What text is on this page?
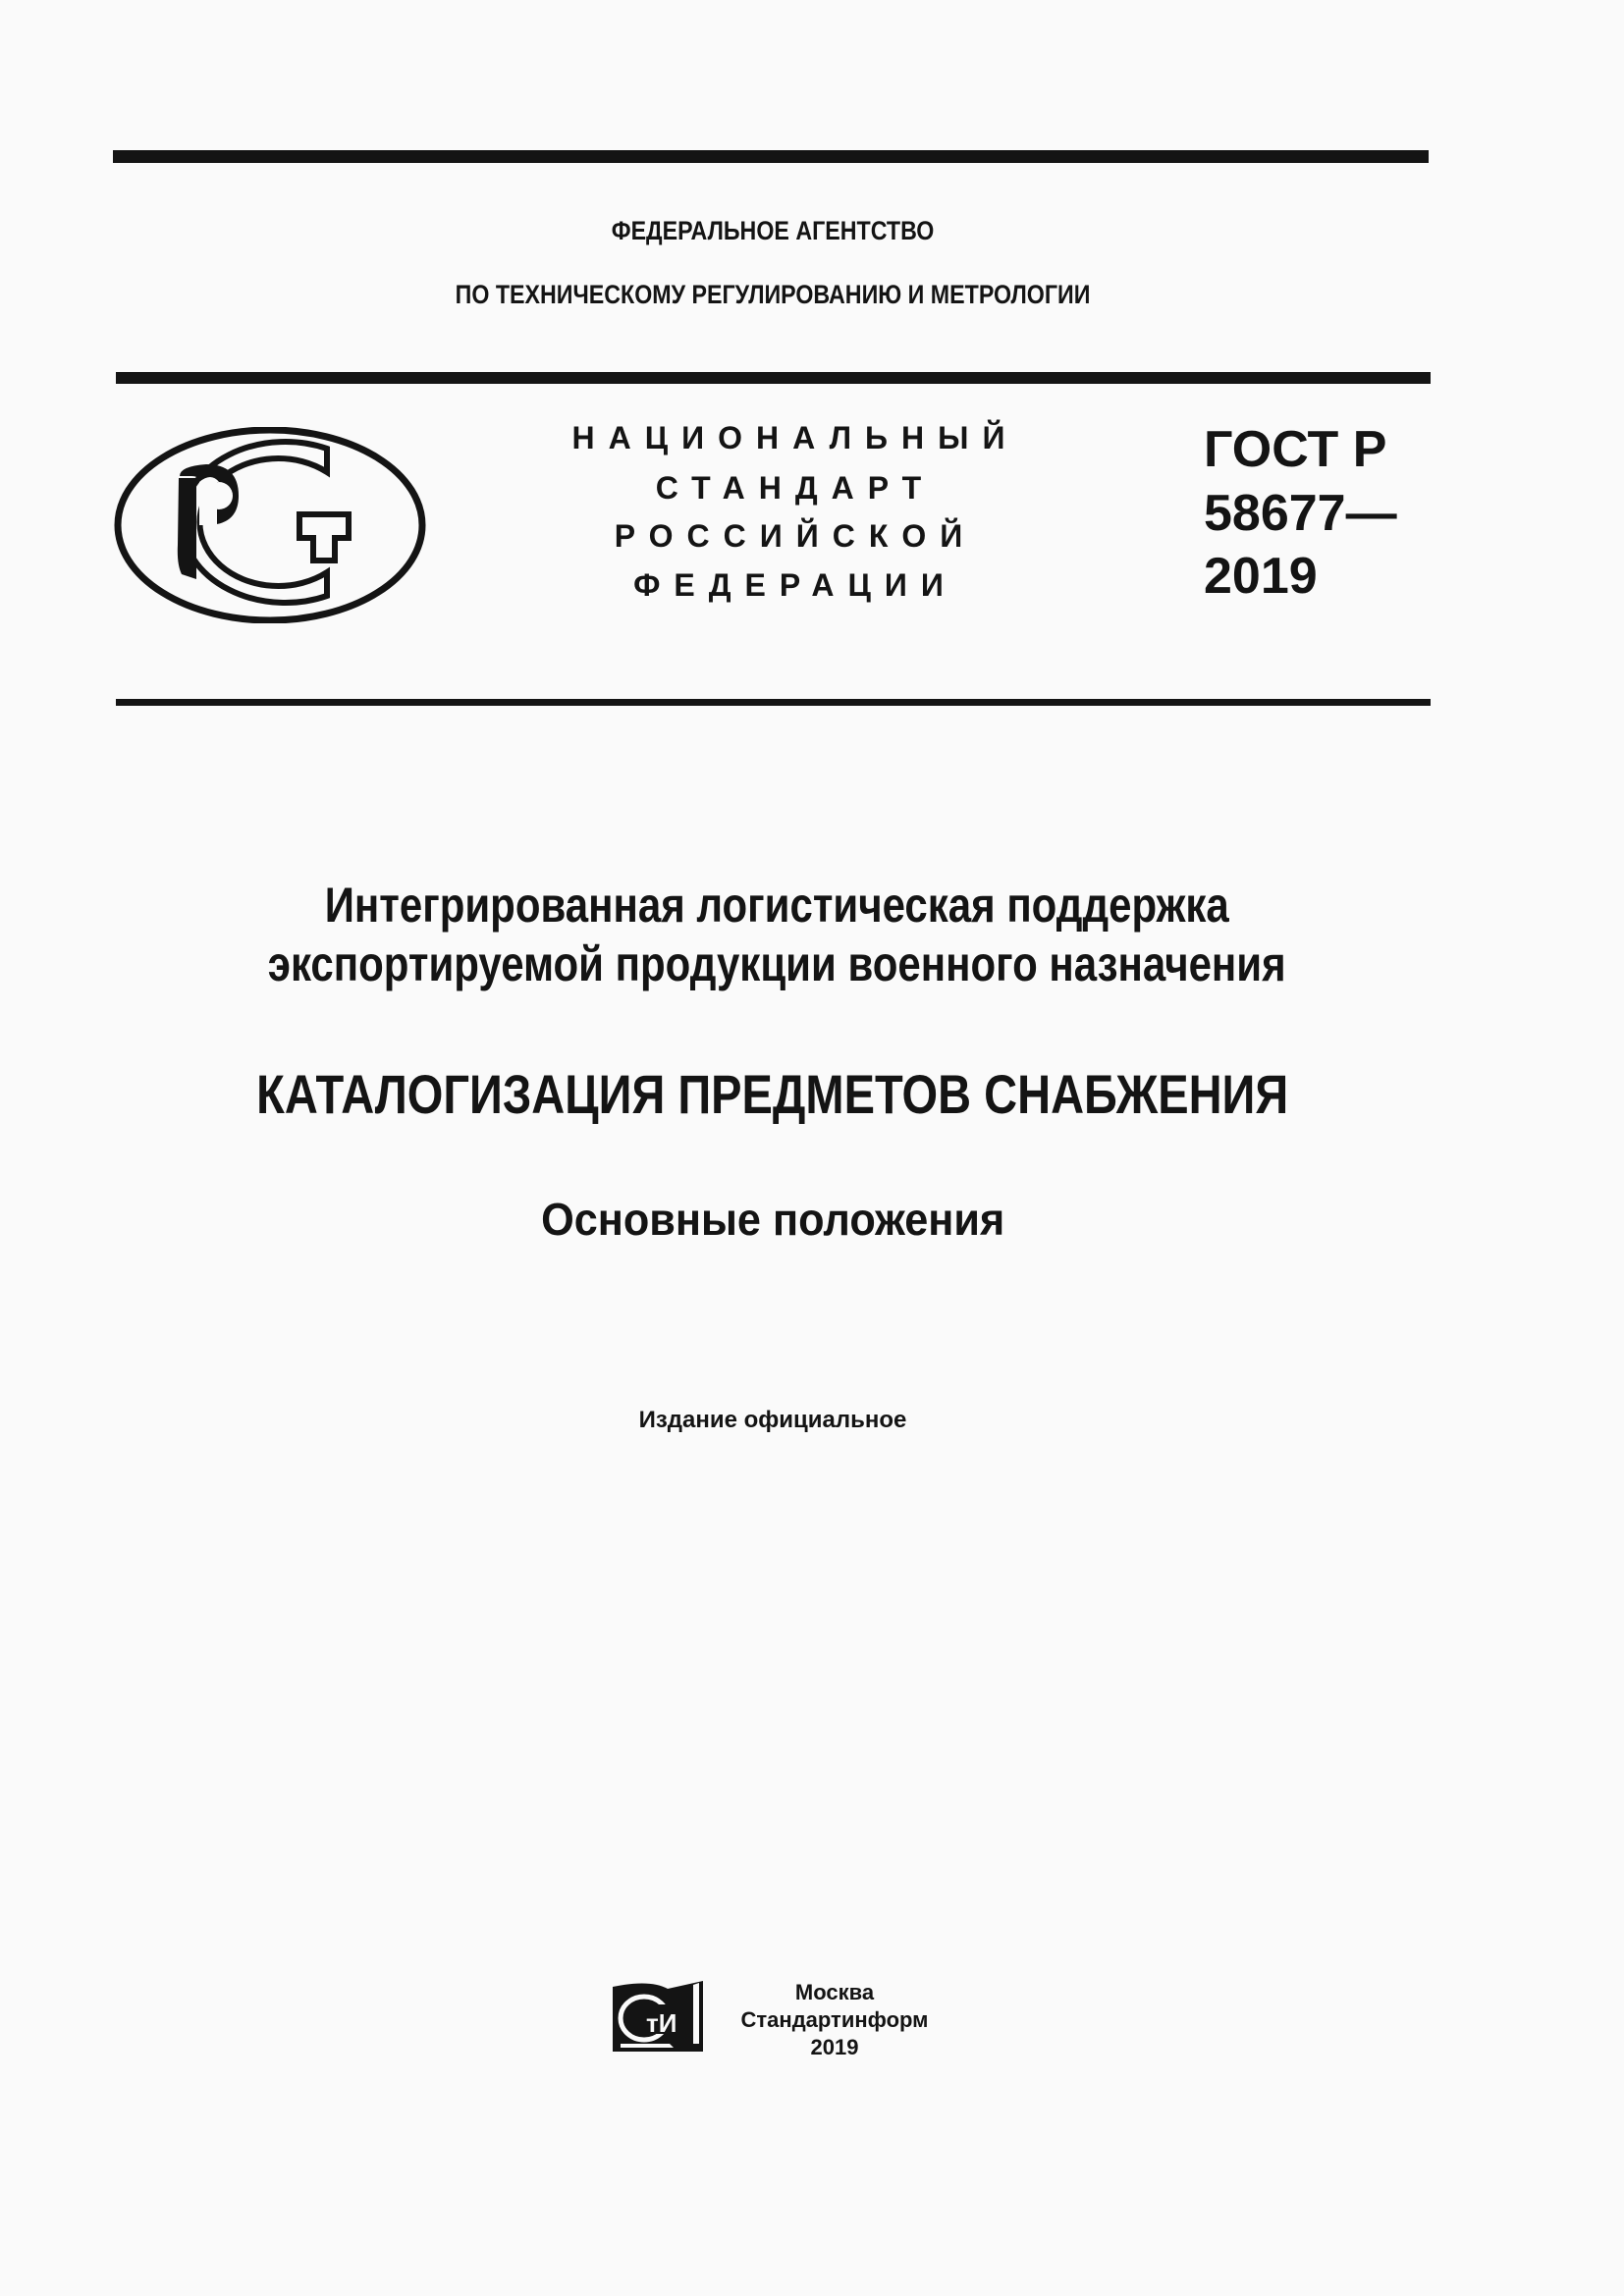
ФЕДЕРАЛЬНОЕ АГЕНТСТВО
ПО ТЕХНИЧЕСКОМУ РЕГУЛИРОВАНИЮ И МЕТРОЛОГИИ
НАЦИОНАЛЬНЫЙ
СТАНДАРТ
РОССИЙСКОЙ
ФЕДЕРАЦИИ
ГОСТ Р
58677—
2019
Интегрированная логистическая поддержка
экспортируемой продукции военного назначения
КАТАЛОГИЗАЦИЯ ПРЕДМЕТОВ СНАБЖЕНИЯ
Основные положения
Издание официальное
тИ
Москва
Стандартинформ
2019
